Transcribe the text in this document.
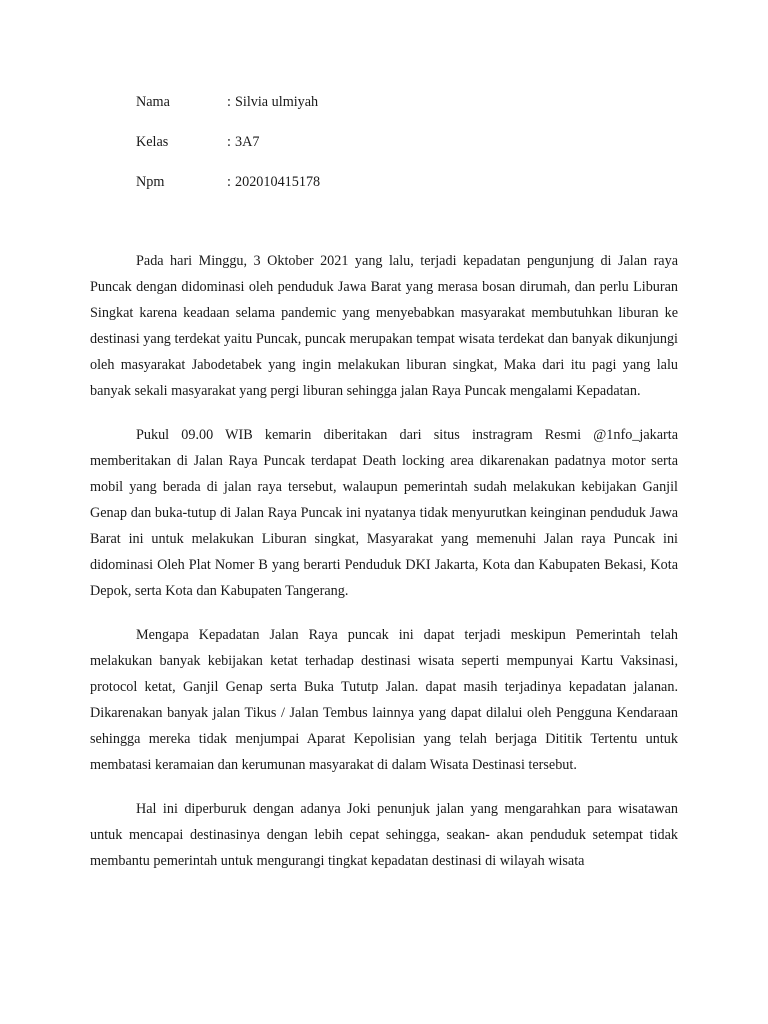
Nama	: Silvia ulmiyah
Kelas	: 3A7
Npm	: 202010415178

Pada hari Minggu, 3 Oktober 2021 yang lalu, terjadi kepadatan pengunjung di Jalan raya Puncak dengan didominasi oleh penduduk Jawa Barat yang merasa bosan dirumah, dan perlu Liburan Singkat karena keadaan selama pandemic yang menyebabkan masyarakat membutuhkan liburan ke destinasi yang terdekat yaitu Puncak, puncak merupakan tempat wisata terdekat dan banyak dikunjungi oleh masyarakat Jabodetabek yang ingin melakukan liburan singkat, Maka dari itu pagi yang lalu banyak sekali masyarakat yang pergi liburan sehingga jalan Raya Puncak mengalami Kepadatan.

Pukul 09.00 WIB kemarin diberitakan dari situs instragram Resmi @1nfo_jakarta memberitakan di Jalan Raya Puncak terdapat Death locking area dikarenakan padatnya motor serta mobil yang berada di jalan raya tersebut, walaupun pemerintah sudah melakukan kebijakan Ganjil Genap dan buka-tutup di Jalan Raya Puncak ini nyatanya tidak menyurutkan keinginan penduduk Jawa Barat ini untuk melakukan Liburan singkat, Masyarakat yang memenuhi Jalan raya Puncak ini didominasi Oleh Plat Nomer B yang berarti Penduduk DKI Jakarta, Kota dan Kabupaten Bekasi, Kota Depok, serta Kota dan Kabupaten Tangerang.

Mengapa Kepadatan Jalan Raya puncak ini dapat terjadi meskipun Pemerintah telah melakukan banyak kebijakan ketat terhadap destinasi wisata seperti mempunyai Kartu Vaksinasi, protocol ketat, Ganjil Genap serta Buka Tututp Jalan. dapat masih terjadinya kepadatan jalanan. Dikarenakan banyak jalan Tikus / Jalan Tembus lainnya yang dapat dilalui oleh Pengguna Kendaraan sehingga mereka tidak menjumpai Aparat Kepolisian yang telah berjaga Dititik Tertentu untuk membatasi keramaian dan kerumunan masyarakat di dalam Wisata Destinasi tersebut.

Hal ini diperburuk dengan adanya Joki penunjuk jalan yang mengarahkan para wisatawan untuk mencapai destinasinya dengan lebih cepat sehingga, seakan- akan penduduk setempat tidak membantu pemerintah untuk mengurangi tingkat kepadatan destinasi di wilayah wisata
